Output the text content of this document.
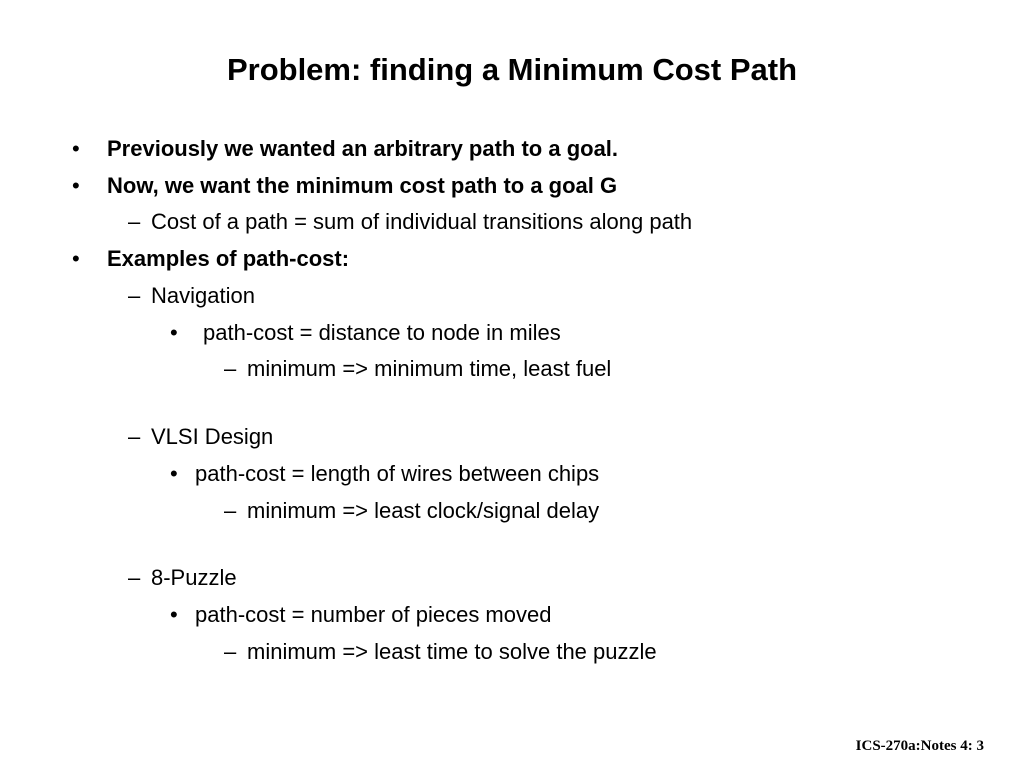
Problem: finding a Minimum Cost Path
• Previously we wanted an arbitrary path to a goal.
• Now, we want the minimum cost path to a goal G
– Cost of a path = sum of individual transitions along path
• Examples of path-cost:
– Navigation
• path-cost = distance to node in miles
– minimum => minimum time, least fuel
– VLSI Design
• path-cost = length of wires between chips
– minimum => least clock/signal delay
– 8-Puzzle
• path-cost = number of pieces moved
– minimum => least time to solve the puzzle
ICS-270a:Notes 4: 3
